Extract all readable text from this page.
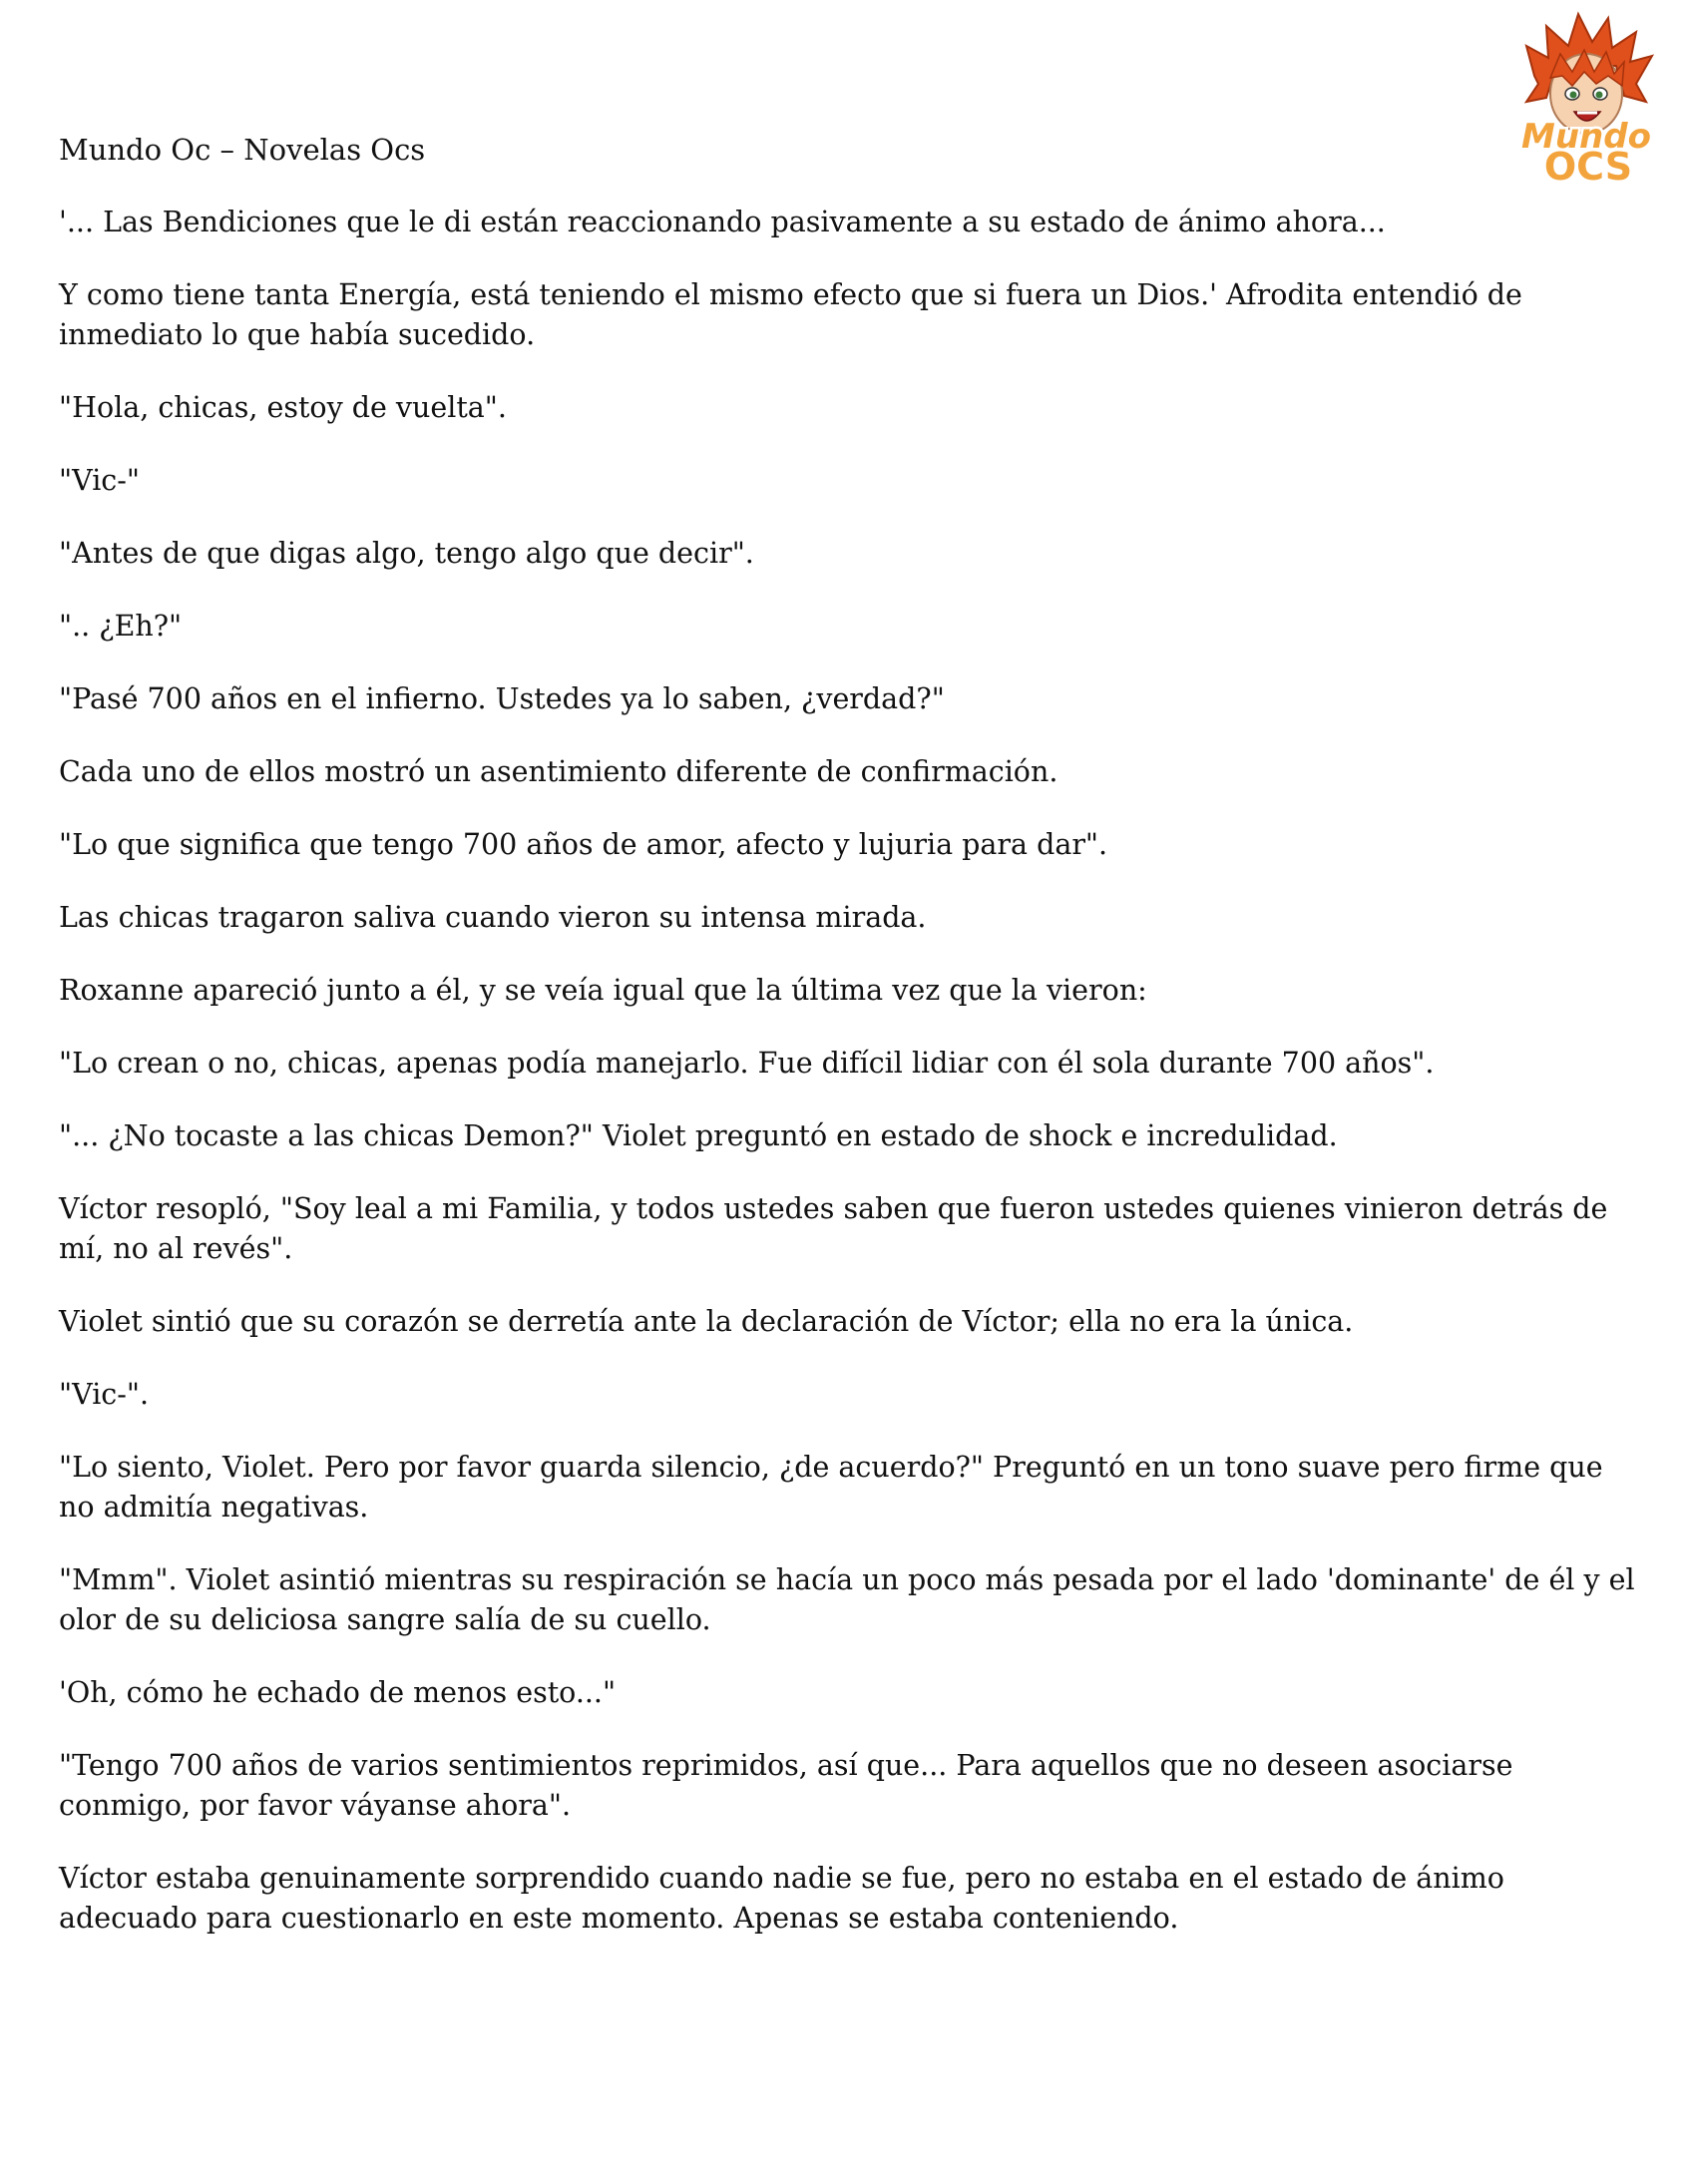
Mundo Oc – Novelas Ocs	Mundo
OCS

'... Las Bendiciones que le di están reaccionando pasivamente a su estado de ánimo ahora...

Y como tiene tanta Energía, está teniendo el mismo efecto que si fuera un Dios.' Afrodita entendió de inmediato lo que había sucedido.

"Hola, chicas, estoy de vuelta".

"Vic-"

"Antes de que digas algo, tengo algo que decir".

".. ¿Eh?"

"Pasé 700 años en el infierno. Ustedes ya lo saben, ¿verdad?"

Cada uno de ellos mostró un asentimiento diferente de confirmación.

"Lo que significa que tengo 700 años de amor, afecto y lujuria para dar".

Las chicas tragaron saliva cuando vieron su intensa mirada.

Roxanne apareció junto a él, y se veía igual que la última vez que la vieron:

"Lo crean o no, chicas, apenas podía manejarlo. Fue difícil lidiar con él sola durante 700 años".

"... ¿No tocaste a las chicas Demon?" Violet preguntó en estado de shock e incredulidad.

Víctor resopló, "Soy leal a mi Familia, y todos ustedes saben que fueron ustedes quienes vinieron detrás de mí, no al revés".

Violet sintió que su corazón se derretía ante la declaración de Víctor; ella no era la única.

"Vic-".

"Lo siento, Violet. Pero por favor guarda silencio, ¿de acuerdo?" Preguntó en un tono suave pero firme que no admitía negativas.

"Mmm". Violet asintió mientras su respiración se hacía un poco más pesada por el lado 'dominante' de él y el olor de su deliciosa sangre salía de su cuello.

'Oh, cómo he echado de menos esto..."

"Tengo 700 años de varios sentimientos reprimidos, así que... Para aquellos que no deseen asociarse conmigo, por favor váyanse ahora".

Víctor estaba genuinamente sorprendido cuando nadie se fue, pero no estaba en el estado de ánimo adecuado para cuestionarlo en este momento. Apenas se estaba conteniendo.
